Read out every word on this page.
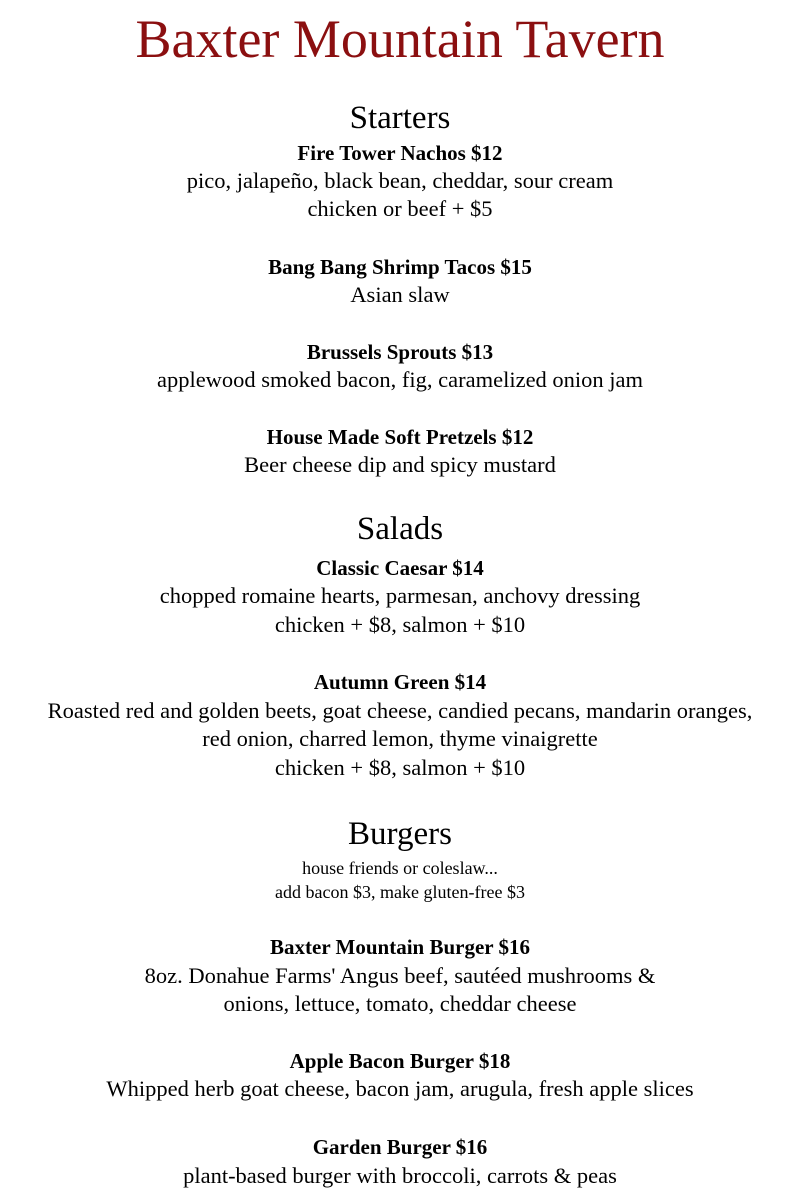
Baxter Mountain Tavern
Starters
Fire Tower Nachos $12
pico, jalapeño, black bean, cheddar, sour cream
chicken or beef + $5
Bang Bang Shrimp Tacos $15
Asian slaw
Brussels Sprouts $13
applewood smoked bacon, fig, caramelized onion jam
House Made Soft Pretzels $12
Beer cheese dip and spicy mustard
Salads
Classic Caesar $14
chopped romaine hearts, parmesan, anchovy dressing
chicken + $8, salmon + $10
Autumn Green $14
Roasted red and golden beets, goat cheese, candied pecans, mandarin oranges,
red onion, charred lemon, thyme vinaigrette
chicken + $8, salmon + $10
Burgers
house friends or coleslaw...
add bacon $3, make gluten-free $3
Baxter Mountain Burger $16
8oz. Donahue Farms' Angus beef, sautéed mushrooms &
onions, lettuce, tomato, cheddar cheese
Apple Bacon Burger $18
Whipped herb goat cheese, bacon jam, arugula, fresh apple slices
Garden Burger $16
plant-based burger with broccoli, carrots & peas
